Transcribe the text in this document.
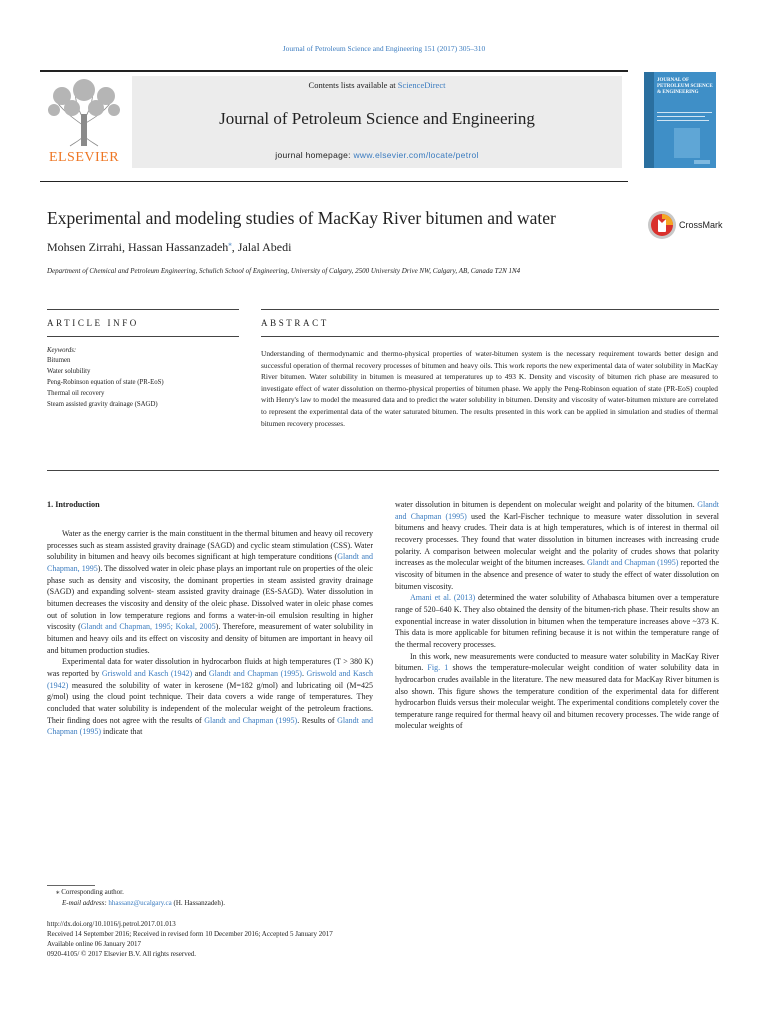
Journal of Petroleum Science and Engineering 151 (2017) 305–310
ELSEVIER
Contents lists available at ScienceDirect
Journal of Petroleum Science and Engineering
journal homepage: www.elsevier.com/locate/petrol
JOURNAL OF PETROLEUM SCIENCE & ENGINEERING
Experimental and modeling studies of MacKay River bitumen and water	CrossMark
Mohsen Zirrahi, Hassan Hassanzadeh⁎, Jalal Abedi
Department of Chemical and Petroleum Engineering, Schulich School of Engineering, University of Calgary, 2500 University Drive NW, Calgary, AB, Canada T2N 1N4
ARTICLE INFO
Keywords:
Bitumen
Water solubility
Peng-Robinson equation of state (PR-EoS)
Thermal oil recovery
Steam assisted gravity drainage (SAGD)
ABSTRACT
Understanding of thermodynamic and thermo-physical properties of water-bitumen system is the necessary requirement towards better design and successful operation of thermal recovery processes of bitumen and heavy oils. This work reports the new experimental data of water solubility in MacKay River bitumen. Water solubility in bitumen is measured at temperatures up to 493 K. Density and viscosity of bitumen rich phase are measured to investigate effect of water dissolution on thermo-physical properties of bitumen phase. We apply the Peng-Robinson equation of state (PR-EoS) coupled with Henry's law to model the measured data and to predict the water solubility in bitumen. Density and viscosity of water-bitumen mixture are correlated to represent the experimental data of the water saturated bitumen. The results presented in this work can be applied in simulation and studies of thermal bitumen recovery processes.
1. Introduction

Water as the energy carrier is the main constituent in the thermal bitumen and heavy oil recovery processes such as steam assisted gravity drainage (SAGD) and cyclic steam stimulation (CSS). Water solubility in bitumen and heavy oils becomes significant at high temperature conditions (Glandt and Chapman, 1995). The dissolved water in oleic phase plays an important rule on properties of the oleic phase such as density and viscosity, the dominant properties in steam assisted gravity drainage (SAGD) and expanding solvent- steam assisted gravity drainage (ES-SAGD). Water dissolution in bitumen decreases the viscosity and density of the oleic phase. Dissolved water in oleic phase comes out of solution in low temperature regions and forms a water-in-oil emulsion resulting in higher viscosity (Glandt and Chapman, 1995; Kokal, 2005). Therefore, measurement of water solubility in bitumen and heavy oils and its effect on viscosity and density of bitumen are important in heavy oil and bitumen production studies.

Experimental data for water dissolution in hydrocarbon fluids at high temperatures (T > 380 K) was reported by Griswold and Kasch (1942) and Glandt and Chapman (1995). Griswold and Kasch (1942) measured the solubility of water in kerosene (M=182 g/mol) and lubricating oil (M=425 g/mol) using the cloud point technique. Their data covers a wide range of temperatures. They concluded that water solubility is independent of the molecular weight of the petroleum fractions. Their finding does not agree with the results of Glandt and Chapman (1995). Results of Glandt and Chapman (1995) indicate that

water dissolution in bitumen is dependent on molecular weight and polarity of the bitumen. Glandt and Chapman (1995) used the Karl-Fischer technique to measure water dissolution in several bitumens and heavy crudes. Their data is at high temperatures, which is of interest in thermal oil recovery processes. They found that water dissolution in bitumen increases with increasing crude polarity. A comparison between molecular weight and the polarity of crudes shows that polarity increases as the molecular weight of the bitumen increases. Glandt and Chapman (1995) reported the viscosity of bitumen in the absence and presence of water to study the effect of water dissolution on bitumen viscosity.

Amani et al. (2013) determined the water solubility of Athabasca bitumen over a temperature range of 520–640 K. They also obtained the density of the bitumen-rich phase. Their results show an exponential increase in water dissolution in bitumen when the temperature increases above ~373 K. This data is more applicable for bitumen refining because it is not within the temperature range of the thermal recovery processes.

In this work, new measurements were conducted to measure water solubility in MacKay River bitumen. Fig. 1 shows the temperature-molecular weight condition of water solubility data in hydrocarbon crudes available in the literature. The new measured data for MacKay River bitumen is also shown. This figure shows the temperature condition of the experimental data for different hydrocarbon fluids versus their molecular weight. The experimental conditions completely cover the temperature range required for thermal heavy oil and bitumen recovery processes. The wide range of molecular weights of

⁎ Corresponding author.
E-mail address: hhassanz@ucalgary.ca (H. Hassanzadeh).
http://dx.doi.org/10.1016/j.petrol.2017.01.013
Received 14 September 2016; Received in revised form 10 December 2016; Accepted 5 January 2017
Available online 06 January 2017
0920-4105/ © 2017 Elsevier B.V. All rights reserved.
